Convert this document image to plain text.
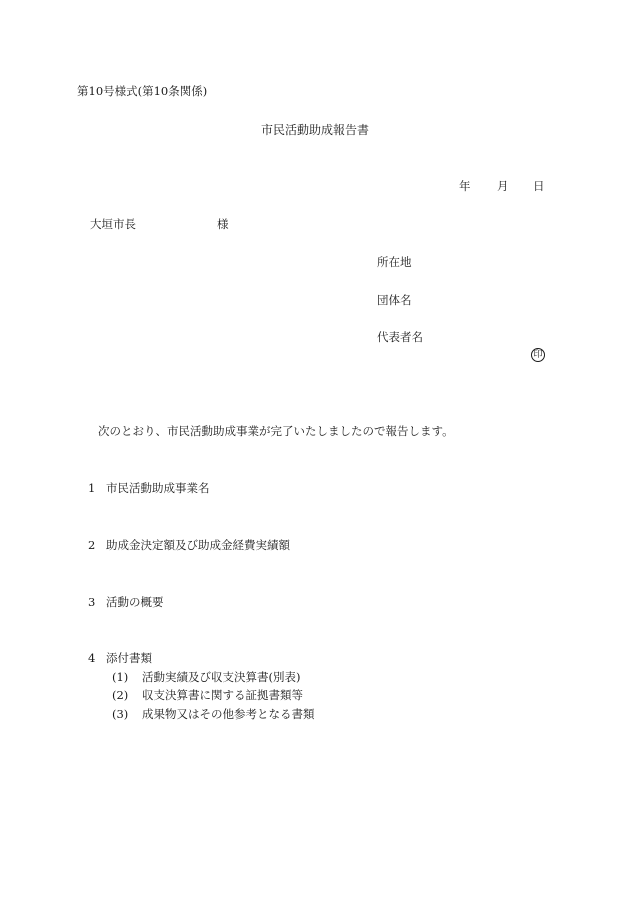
第10号様式(第10条関係)
市民活動助成報告書
年 月 日
大垣市長	様
所在地
団体名
代表者名
印
次のとおり、市民活動助成事業が完了いたしましたので報告します。
1 市民活動助成事業名
2 助成金決定額及び助成金経費実績額
3 活動の概要
4 添付書類
(1) 活動実績及び収支決算書(別表)
(2) 収支決算書に関する証拠書類等
(3) 成果物又はその他参考となる書類
